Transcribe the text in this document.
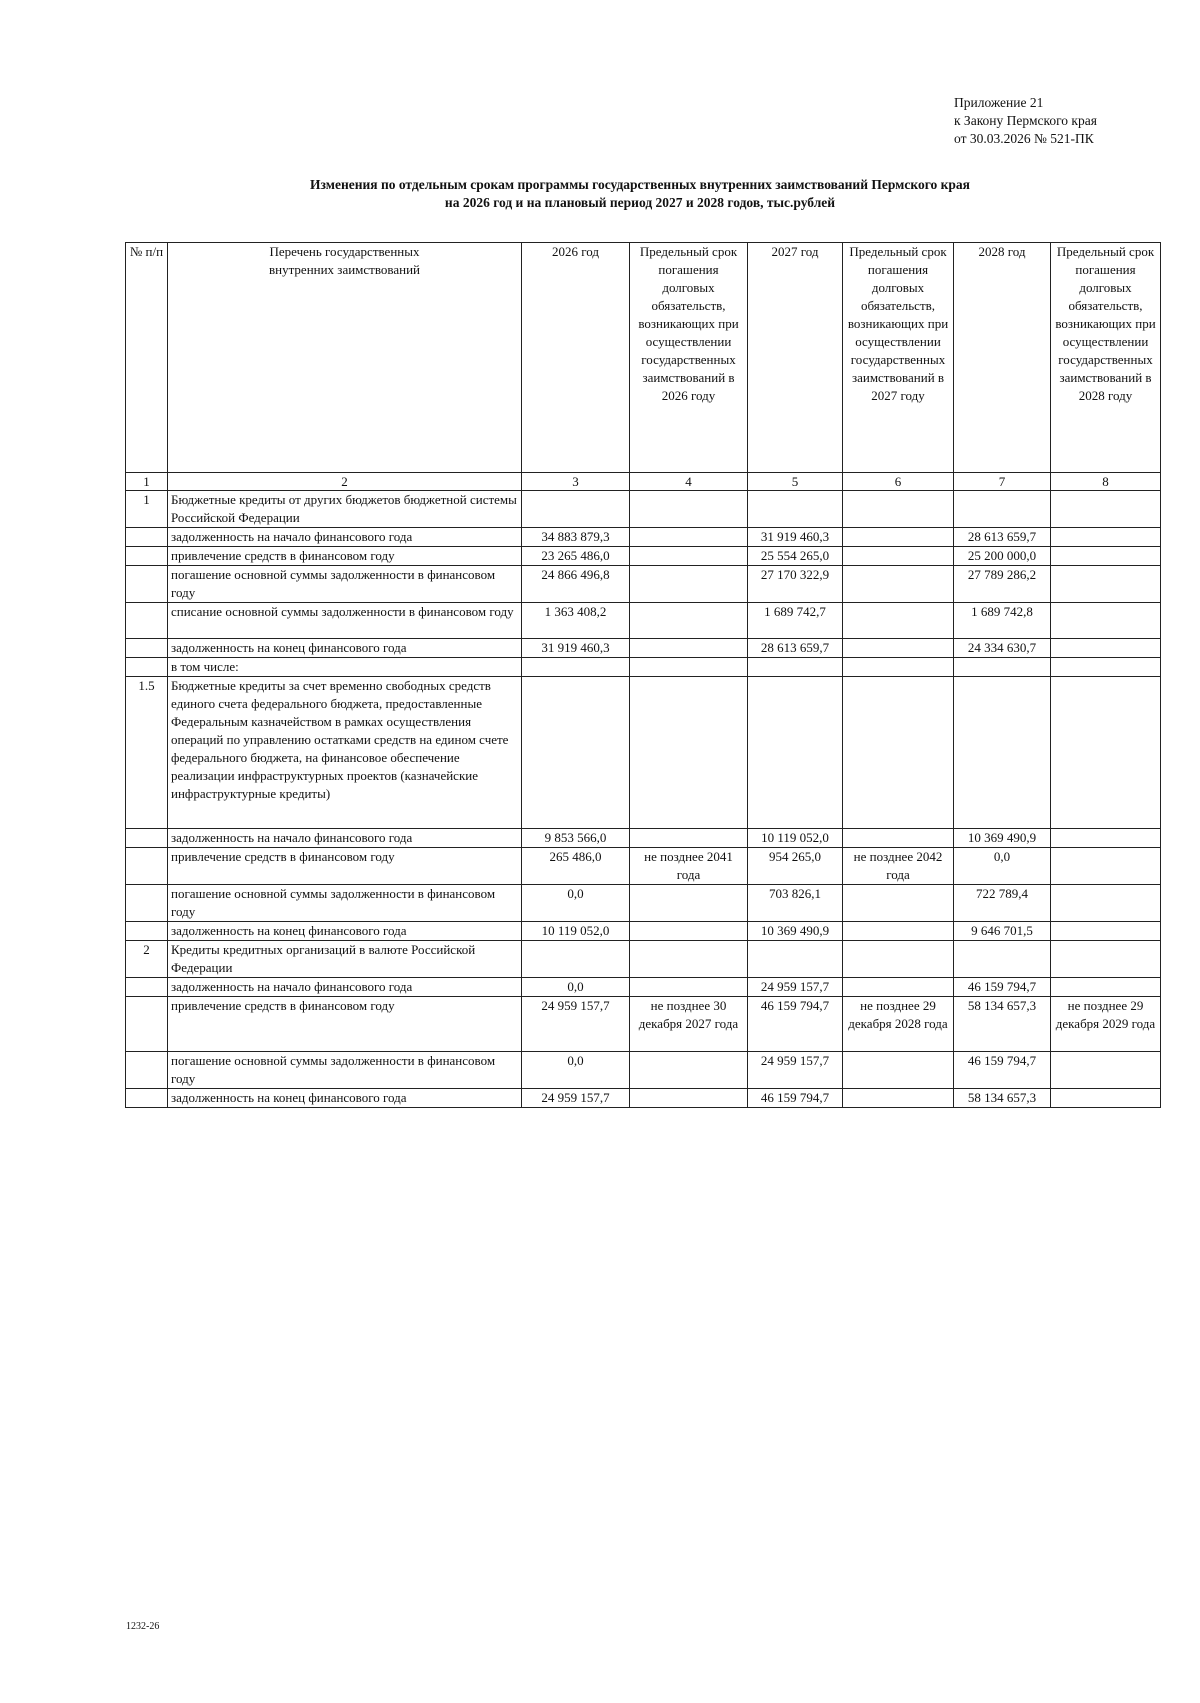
Приложение 21
к Закону Пермского края
от 30.03.2026 № 521-ПК
Изменения по отдельным срокам программы государственных внутренних заимствований Пермского края
на 2026 год и на плановый период 2027 и 2028 годов, тыс.рублей
№ п/п	Перечень государственных внутренних заимствований	2026 год	Предельный срок погашения долговых обязательств, возникающих при осуществлении государственных заимствований в 2026 году	2027 год	Предельный срок погашения долговых обязательств, возникающих при осуществлении государственных заимствований в 2027 году	2028 год	Предельный срок погашения долговых обязательств, возникающих при осуществлении государственных заимствований в 2028 году
1	2	3	4	5	6	7	8
1	Бюджетные кредиты от других бюджетов бюджетной системы Российской Федерации						
	задолженность на начало финансового года	34 883 879,3		31 919 460,3		28 613 659,7	
	привлечение средств в финансовом году	23 265 486,0		25 554 265,0		25 200 000,0	
	погашение основной суммы задолженности в финансовом году	24 866 496,8		27 170 322,9		27 789 286,2	
	списание основной суммы задолженности в финансовом году	1 363 408,2		1 689 742,7		1 689 742,8	
	задолженность на конец финансового года	31 919 460,3		28 613 659,7		24 334 630,7	
	в том числе:						
1.5	Бюджетные кредиты за счет временно свободных средств единого счета федерального бюджета, предоставленные Федеральным казначейством в рамках осуществления операций по управлению остатками средств на едином счете федерального бюджета, на финансовое обеспечение реализации инфраструктурных проектов (казначейские инфраструктурные кредиты)						
	задолженность на начало финансового года	9 853 566,0		10 119 052,0		10 369 490,9	
	привлечение средств в финансовом году	265 486,0	не позднее 2041 года	954 265,0	не позднее 2042 года	0,0	
	погашение основной суммы задолженности в финансовом году	0,0		703 826,1		722 789,4	
	задолженность на конец финансового года	10 119 052,0		10 369 490,9		9 646 701,5	
2	Кредиты кредитных организаций в валюте Российской Федерации						
	задолженность на начало финансового года	0,0		24 959 157,7		46 159 794,7	
	привлечение средств в финансовом году	24 959 157,7	не позднее 30 декабря 2027 года	46 159 794,7	не позднее 29 декабря 2028 года	58 134 657,3	не позднее 29 декабря 2029 года
	погашение основной суммы задолженности в финансовом году	0,0		24 959 157,7		46 159 794,7	
	задолженность на конец финансового года	24 959 157,7		46 159 794,7		58 134 657,3	
1232-26
